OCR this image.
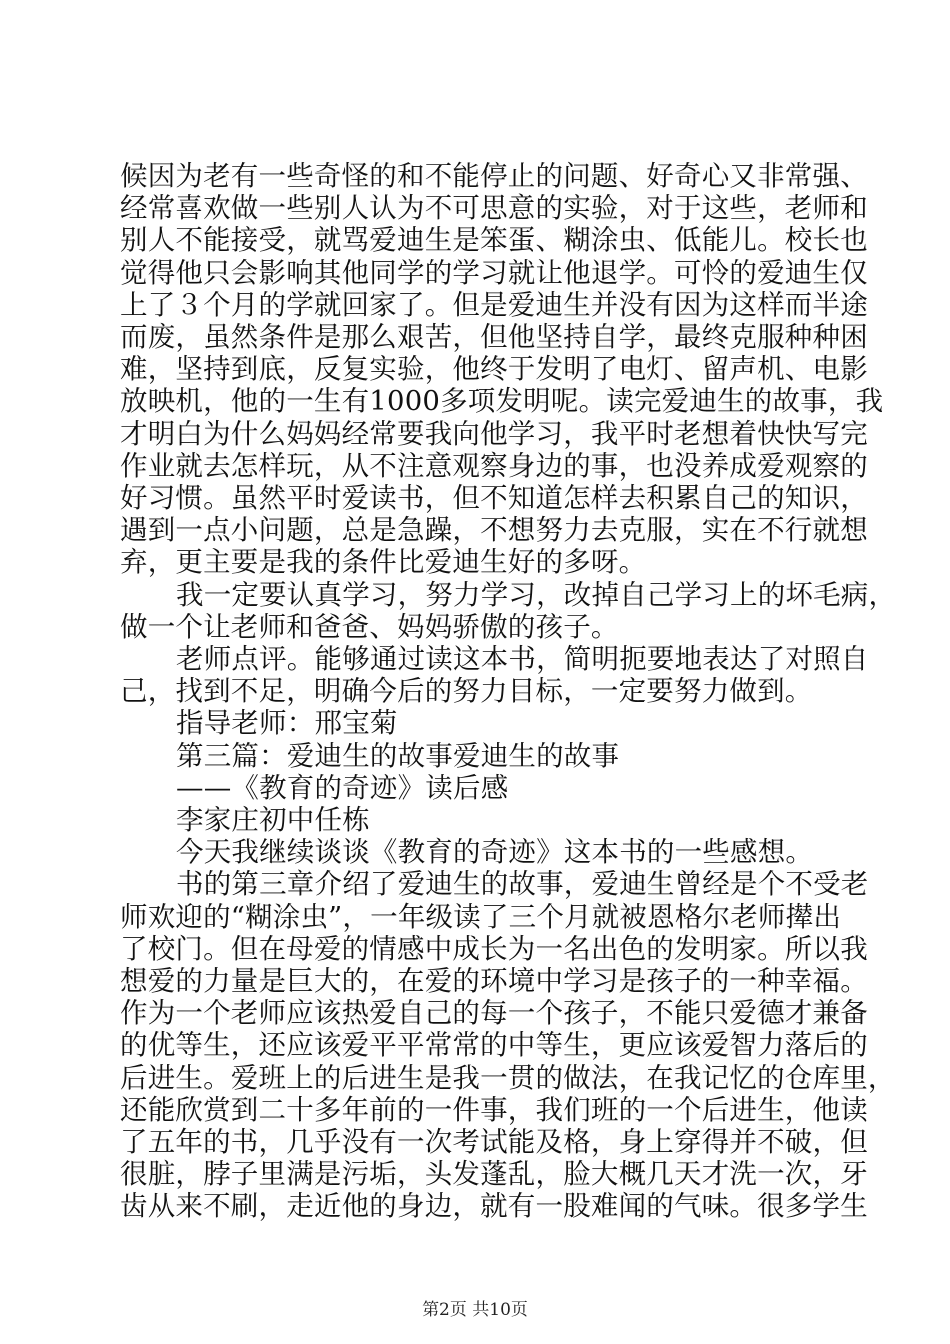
候因为老有一些奇怪的和不能停止的问题、好奇心又非常强、
经常喜欢做一些别人认为不可思意的实验，对于这些，老师和
别人不能接受，就骂爱迪生是笨蛋、糊涂虫、低能儿。校长也
觉得他只会影响其他同学的学习就让他退学。可怜的爱迪生仅
上了３个月的学就回家了。但是爱迪生并没有因为这样而半途
而废，虽然条件是那么艰苦，但他坚持自学，最终克服种种困
难，坚持到底，反复实验，他终于发明了电灯、留声机、电影
放映机，他的一生有1000多项发明呢。读完爱迪生的故事，我
才明白为什么妈妈经常要我向他学习，我平时老想着快快写完
作业就去怎样玩，从不注意观察身边的事，也没养成爱观察的
好习惯。虽然平时爱读书，但不知道怎样去积累自己的知识，
遇到一点小问题，总是急躁，不想努力去克服，实在不行就想
弃，更主要是我的条件比爱迪生好的多呀。
我一定要认真学习，努力学习，改掉自己学习上的坏毛病，
做一个让老师和爸爸、妈妈骄傲的孩子。
老师点评。能够通过读这本书，简明扼要地表达了对照自
己，找到不足，明确今后的努力目标，一定要努力做到。
指导老师：邢宝菊
第三篇：爱迪生的故事爱迪生的故事
——《教育的奇迹》读后感
李家庄初中任栋
今天我继续谈谈《教育的奇迹》这本书的一些感想。
书的第三章介绍了爱迪生的故事，爱迪生曾经是个不受老
师欢迎的“糊涂虫”，一年级读了三个月就被恩格尔老师撵出
了校门。但在母爱的情感中成长为一名出色的发明家。所以我
想爱的力量是巨大的，在爱的环境中学习是孩子的一种幸福。
作为一个老师应该热爱自己的每一个孩子，不能只爱德才兼备
的优等生，还应该爱平平常常的中等生，更应该爱智力落后的
后进生。爱班上的后进生是我一贯的做法，在我记忆的仓库里，
还能欣赏到二十多年前的一件事，我们班的一个后进生，他读
了五年的书，几乎没有一次考试能及格，身上穿得并不破，但
很脏，脖子里满是污垢，头发蓬乱，脸大概几天才洗一次，牙
齿从来不刷，走近他的身边，就有一股难闻的气味。很多学生
第2页 共10页
